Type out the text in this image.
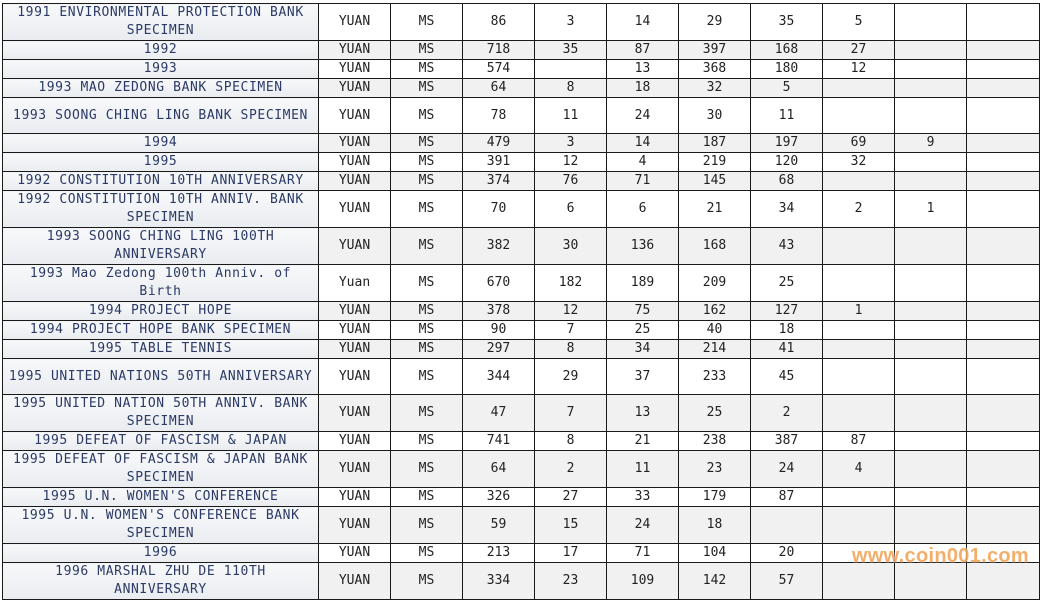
1991 ENVIRONMENTAL PROTECTION BANK SPECIMEN	YUAN	MS	86	3	14	29	35	5		
1992	YUAN	MS	718	35	87	397	168	27		
1993	YUAN	MS	574		13	368	180	12		
1993 MAO ZEDONG BANK SPECIMEN	YUAN	MS	64	8	18	32	5			
1993 SOONG CHING LING BANK SPECIMEN	YUAN	MS	78	11	24	30	11			
1994	YUAN	MS	479	3	14	187	197	69	9	
1995	YUAN	MS	391	12	4	219	120	32		
1992 CONSTITUTION 10TH ANNIVERSARY	YUAN	MS	374	76	71	145	68			
1992 CONSTITUTION 10TH ANNIV. BANK SPECIMEN	YUAN	MS	70	6	6	21	34	2	1	
1993 SOONG CHING LING 100TH ANNIVERSARY	YUAN	MS	382	30	136	168	43			
1993 Mao Zedong 100th Anniv. of Birth	Yuan	MS	670	182	189	209	25			
1994 PROJECT HOPE	YUAN	MS	378	12	75	162	127	1		
1994 PROJECT HOPE BANK SPECIMEN	YUAN	MS	90	7	25	40	18			
1995 TABLE TENNIS	YUAN	MS	297	8	34	214	41			
1995 UNITED NATIONS 50TH ANNIVERSARY	YUAN	MS	344	29	37	233	45			
1995 UNITED NATION 50TH ANNIV. BANK SPECIMEN	YUAN	MS	47	7	13	25	2			
1995 DEFEAT OF FASCISM & JAPAN	YUAN	MS	741	8	21	238	387	87		
1995 DEFEAT OF FASCISM & JAPAN BANK SPECIMEN	YUAN	MS	64	2	11	23	24	4		
1995 U.N. WOMEN'S CONFERENCE	YUAN	MS	326	27	33	179	87			
1995 U.N. WOMEN'S CONFERENCE BANK SPECIMEN	YUAN	MS	59	15	24	18				
1996	YUAN	MS	213	17	71	104	20			
1996 MARSHAL ZHU DE 110TH ANNIVERSARY	YUAN	MS	334	23	109	142	57			
www.coin001.com
